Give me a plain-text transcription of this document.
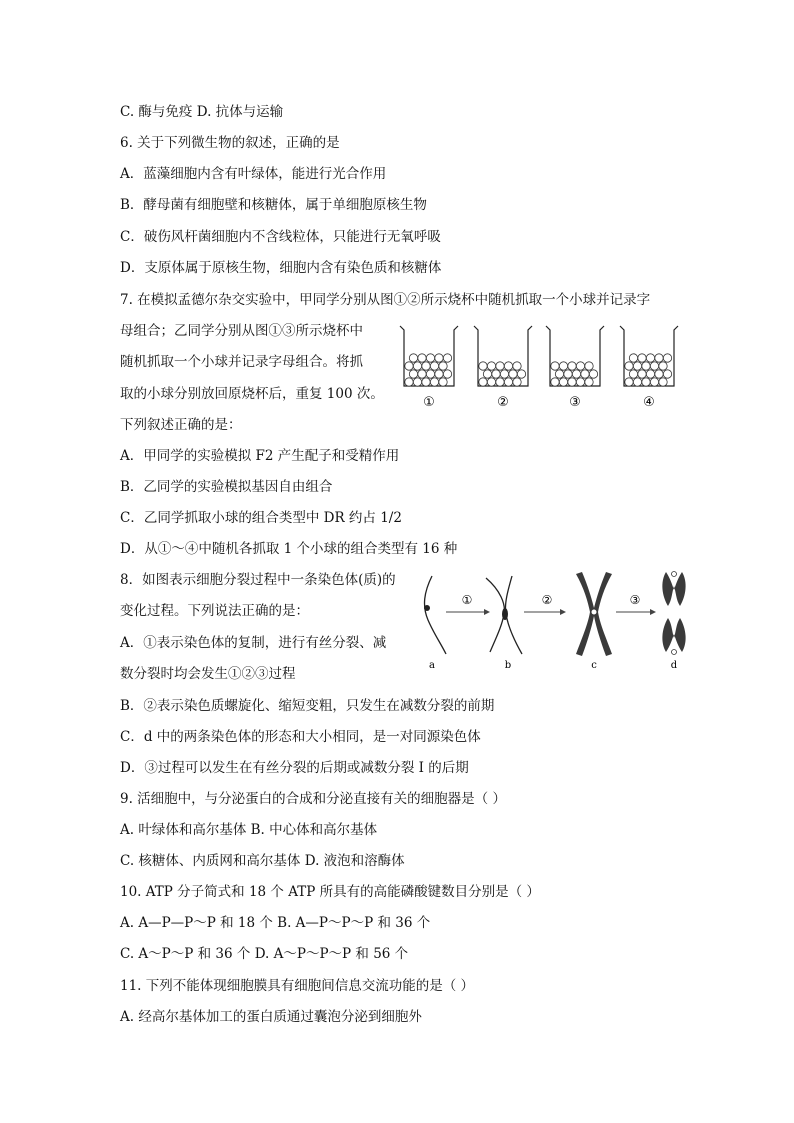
C. 酶与免疫 D. 抗体与运输
6. 关于下列微生物的叙述，正确的是
A．蓝藻细胞内含有叶绿体，能进行光合作用
B．酵母菌有细胞壁和核糖体，属于单细胞原核生物
C．破伤风杆菌细胞内不含线粒体，只能进行无氧呼吸
D．支原体属于原核生物，细胞内含有染色质和核糖体
7. 在模拟孟德尔杂交实验中，甲同学分别从图①②所示烧杯中随机抓取一个小球并记录字
母组合；乙同学分别从图①③所示烧杯中
随机抓取一个小球并记录字母组合。将抓
取的小球分别放回原烧杯后，重复 100 次。
下列叙述正确的是：
A．甲同学的实验模拟 F2 产生配子和受精作用
B．乙同学的实验模拟基因自由组合
C．乙同学抓取小球的组合类型中 DR 约占 1/2
D．从①～④中随机各抓取 1 个小球的组合类型有 16 种
8．如图表示细胞分裂过程中一条染色体(质)的
变化过程。下列说法正确的是：
A．①表示染色体的复制，进行有丝分裂、减
数分裂时均会发生①②③过程
B．②表示染色质螺旋化、缩短变粗，只发生在减数分裂的前期
C．d 中的两条染色体的形态和大小相同，是一对同源染色体
D．③过程可以发生在有丝分裂的后期或减数分裂 I 的后期
9. 活细胞中，与分泌蛋白的合成和分泌直接有关的细胞器是（ ）
A. 叶绿体和高尔基体 B. 中心体和高尔基体
C. 核糖体、内质网和高尔基体 D. 液泡和溶酶体
10. ATP 分子简式和 18 个 ATP 所具有的高能磷酸键数目分别是（ ）
A. A—P—P～P 和 18 个 B. A—P～P～P 和 36 个
C. A～P～P 和 36 个 D. A～P～P～P 和 56 个
11. 下列不能体现细胞膜具有细胞间信息交流功能的是（ ）
A. 经高尔基体加工的蛋白质通过囊泡分泌到细胞外
①	②	③	④
①	②	③
a	b	c	d
